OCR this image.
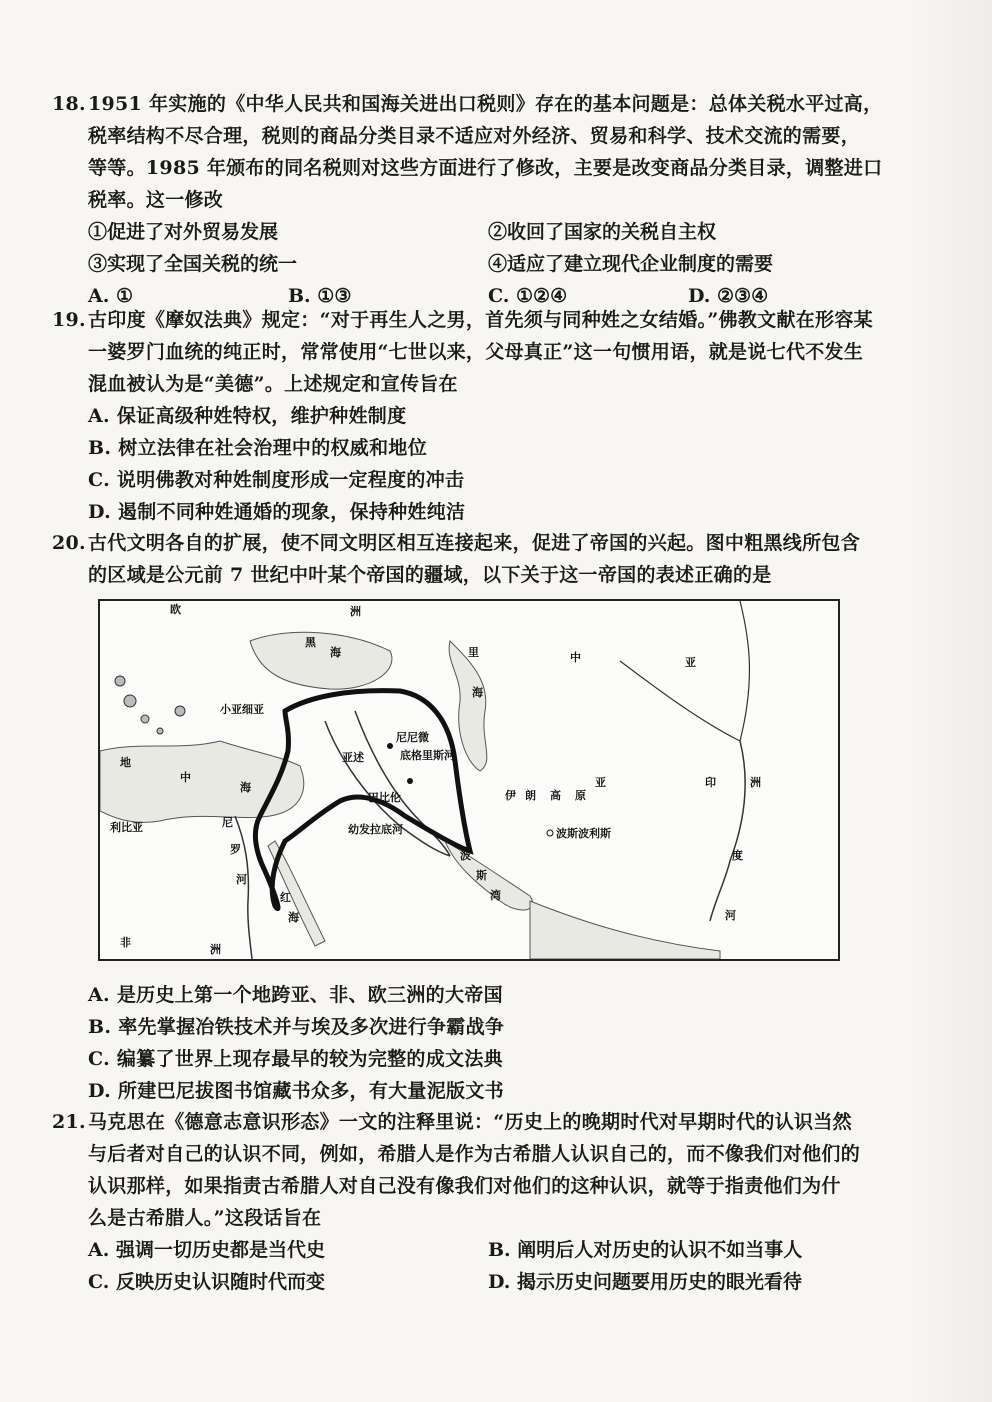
18. 1951 年实施的《中华人民共和国海关进出口税则》存在的基本问题是：总体关税水平过高，
税率结构不尽合理，税则的商品分类目录不适应对外经济、贸易和科学、技术交流的需要，
等等。1985 年颁布的同名税则对这些方面进行了修改，主要是改变商品分类目录，调整进口
税率。这一修改
①促进了对外贸易发展	②收回了国家的关税自主权
③实现了全国关税的统一	④适应了建立现代企业制度的需要
A. ①	B. ①③	C. ①②④	D. ②③④
19. 古印度《摩奴法典》规定：“对于再生人之男，首先须与同种姓之女结婚。”佛教文献在形容某
一婆罗门血统的纯正时，常常使用“七世以来，父母真正”这一句惯用语，就是说七代不发生
混血被认为是“美德”。上述规定和宣传旨在
A. 保证高级种姓特权，维护种姓制度
B. 树立法律在社会治理中的权威和地位
C. 说明佛教对种姓制度形成一定程度的冲击
D. 遏制不同种姓通婚的现象，保持种姓纯洁
20. 古代文明各自的扩展，使不同文明区相互连接起来，促进了帝国的兴起。图中粗黑线所包含
的区域是公元前 7 世纪中叶某个帝国的疆域，以下关于这一帝国的表述正确的是
欧	洲
黑
海
小亚细亚
地
中
海
里
海
中	亚
尼尼微
亚述	底格里斯河
幼发拉底河
巴比伦
波斯波利斯
伊 朗 高 原
亚
波
斯
湾
利比亚	尼
罗
河
红
海
非
洲
印
度
河
洲
A. 是历史上第一个地跨亚、非、欧三洲的大帝国
B. 率先掌握冶铁技术并与埃及多次进行争霸战争
C. 编纂了世界上现存最早的较为完整的成文法典
D. 所建巴尼拔图书馆藏书众多，有大量泥版文书
21. 马克思在《德意志意识形态》一文的注释里说：“历史上的晚期时代对早期时代的认识当然
与后者对自己的认识不同，例如，希腊人是作为古希腊人认识自己的，而不像我们对他们的
认识那样，如果指责古希腊人对自己没有像我们对他们的这种认识，就等于指责他们为什
么是古希腊人。”这段话旨在
A. 强调一切历史都是当代史	B. 阐明后人对历史的认识不如当事人
C. 反映历史认识随时代而变	D. 揭示历史问题要用历史的眼光看待
